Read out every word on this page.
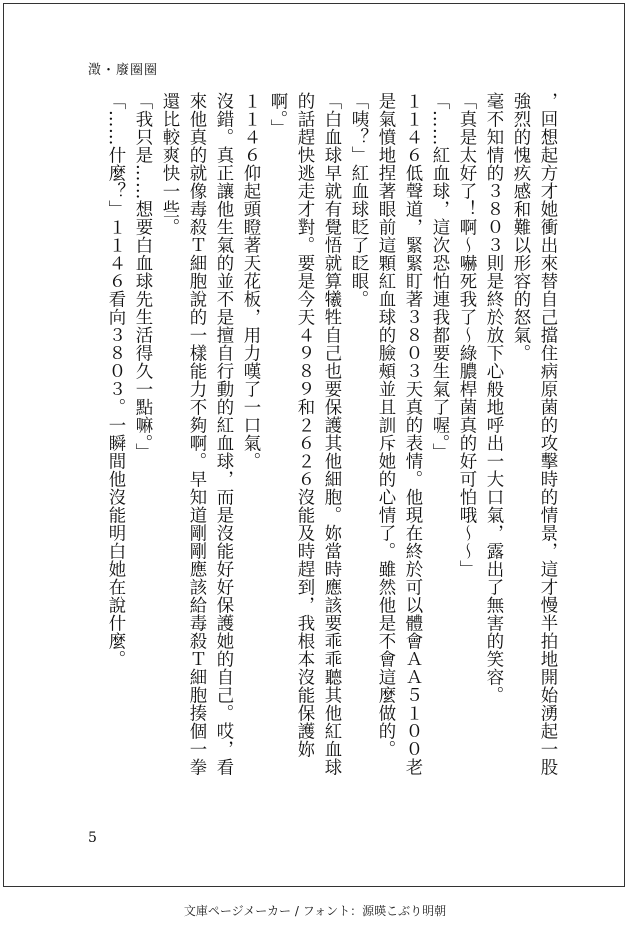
澂・廢圈圈

，回想起方才她衝出來替自己擋住病原菌的攻擊時的情景，這才慢半拍地開始湧起一股強烈的愧疚感和難以形容的怒氣。

毫不知情的３８０３則是終於放下心般地呼出一大口氣，露出了無害的笑容。

「真是太好了！啊～嚇死我了～綠膿桿菌真的好可怕哦～～」

「……紅血球，這次恐怕連我都要生氣了喔。」

１１４６低聲道，緊緊盯著３８０３天真的表情。他現在終於可以體會ＡＡ５１００老是氣憤地捏著眼前這顆紅血球的臉頰並且訓斥她的心情了。雖然他是不會這麼做的。

「咦？」紅血球眨了眨眼。

「白血球早就有覺悟就算犧牲自己也要保護其他細胞。妳當時應該要乖乖聽其他紅血球的話趕快逃走才對。要是今天４９８９和２６２６沒能及時趕到，我根本沒能保護妳啊。」

１１４６仰起頭瞪著天花板，用力嘆了一口氣。

沒錯。真正讓他生氣的並不是擅自行動的紅血球，而是沒能好好保護她的自己。哎，看來他真的就像毒殺Ｔ細胞說的一樣能力不夠啊。早知道剛剛應該給毒殺Ｔ細胞揍個一拳還比較爽快一些。

「我只是……想要白血球先生活得久一點嘛。」

「……什麼？」１１４６看向３８０３。一瞬間他沒能明白她在說什麼。

5
文庫ページメーカー / フォント：源暎こぶり明朝
